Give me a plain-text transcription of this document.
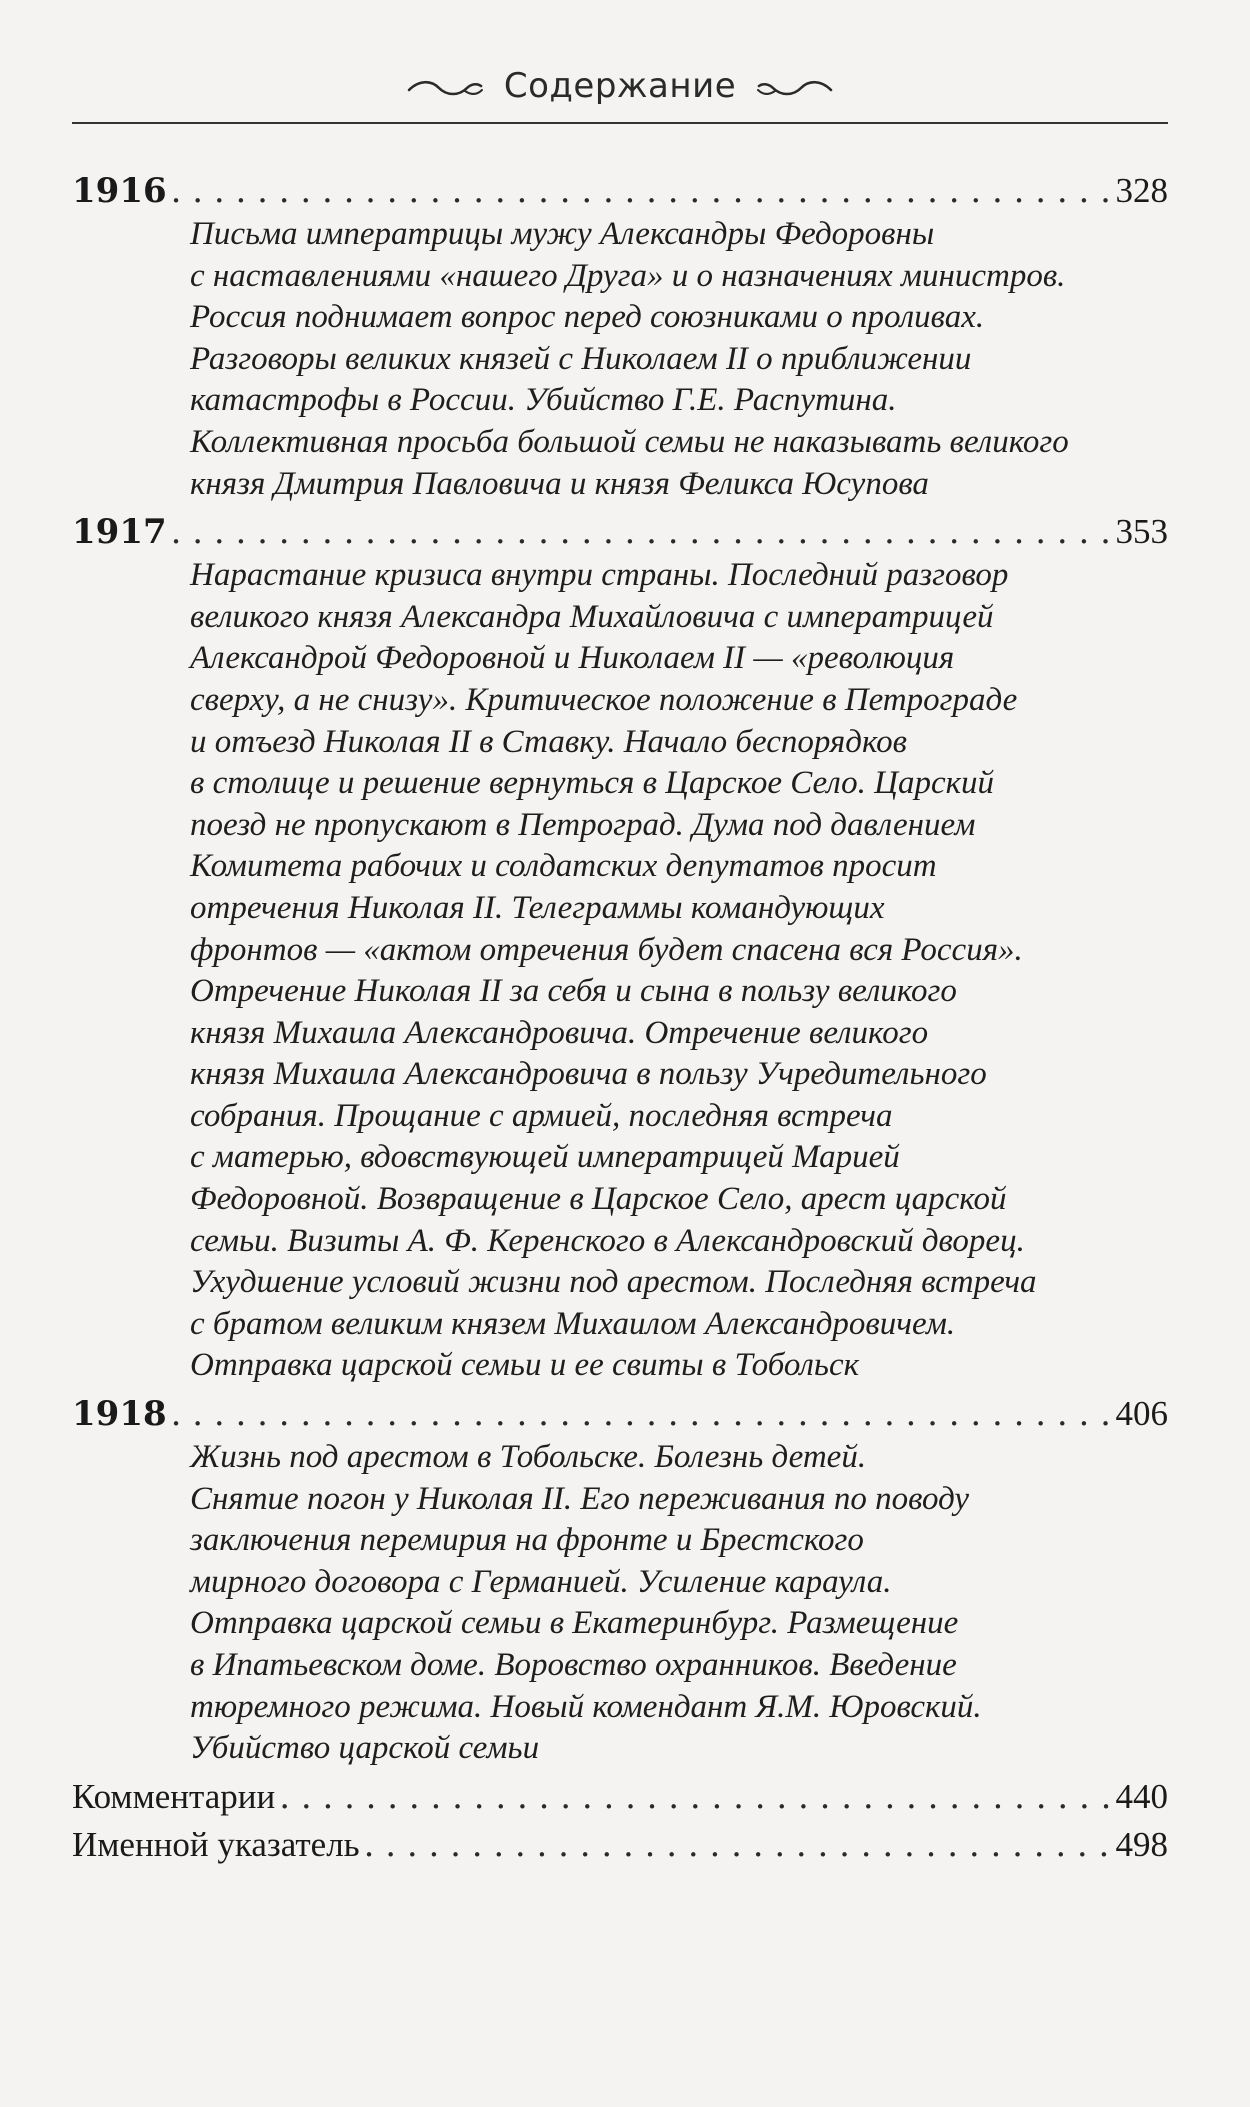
Содержание
1916 . . .	328
Письма императрицы мужу Александры Федоровны
с наставлениями «нашего Друга» и о назначениях министров.
Россия поднимает вопрос перед союзниками о проливах.
Разговоры великих князей с Николаем II о приближении
катастрофы в России. Убийство Г.Е. Распутина.
Коллективная просьба большой семьи не наказывать великого
князя Дмитрия Павловича и князя Феликса Юсупова
1917 . . .	353
Нарастание кризиса внутри страны. Последний разговор
великого князя Александра Михайловича с императрицей
Александрой Федоровной и Николаем II — «революция
сверху, а не снизу». Критическое положение в Петрограде
и отъезд Николая II в Ставку. Начало беспорядков
в столице и решение вернуться в Царское Село. Царский
поезд не пропускают в Петроград. Дума под давлением
Комитета рабочих и солдатских депутатов просит
отречения Николая II. Телеграммы командующих
фронтов — «актом отречения будет спасена вся Россия».
Отречение Николая II за себя и сына в пользу великого
князя Михаила Александровича. Отречение великого
князя Михаила Александровича в пользу Учредительного
собрания. Прощание с армией, последняя встреча
с матерью, вдовствующей императрицей Марией
Федоровной. Возвращение в Царское Село, арест царской
семьи. Визиты А. Ф. Керенского в Александровский дворец.
Ухудшение условий жизни под арестом. Последняя встреча
с братом великим князем Михаилом Александровичем.
Отправка царской семьи и ее свиты в Тобольск
1918 . . .	406
Жизнь под арестом в Тобольске. Болезнь детей.
Снятие погон у Николая II. Его переживания по поводу
заключения перемирия на фронте и Брестского
мирного договора с Германией. Усиление караула.
Отправка царской семьи в Екатеринбург. Размещение
в Ипатьевском доме. Воровство охранников. Введение
тюремного режима. Новый комендант Я.М. Юровский.
Убийство царской семьи
Комментарии . . .	440
Именной указатель . . .	498
